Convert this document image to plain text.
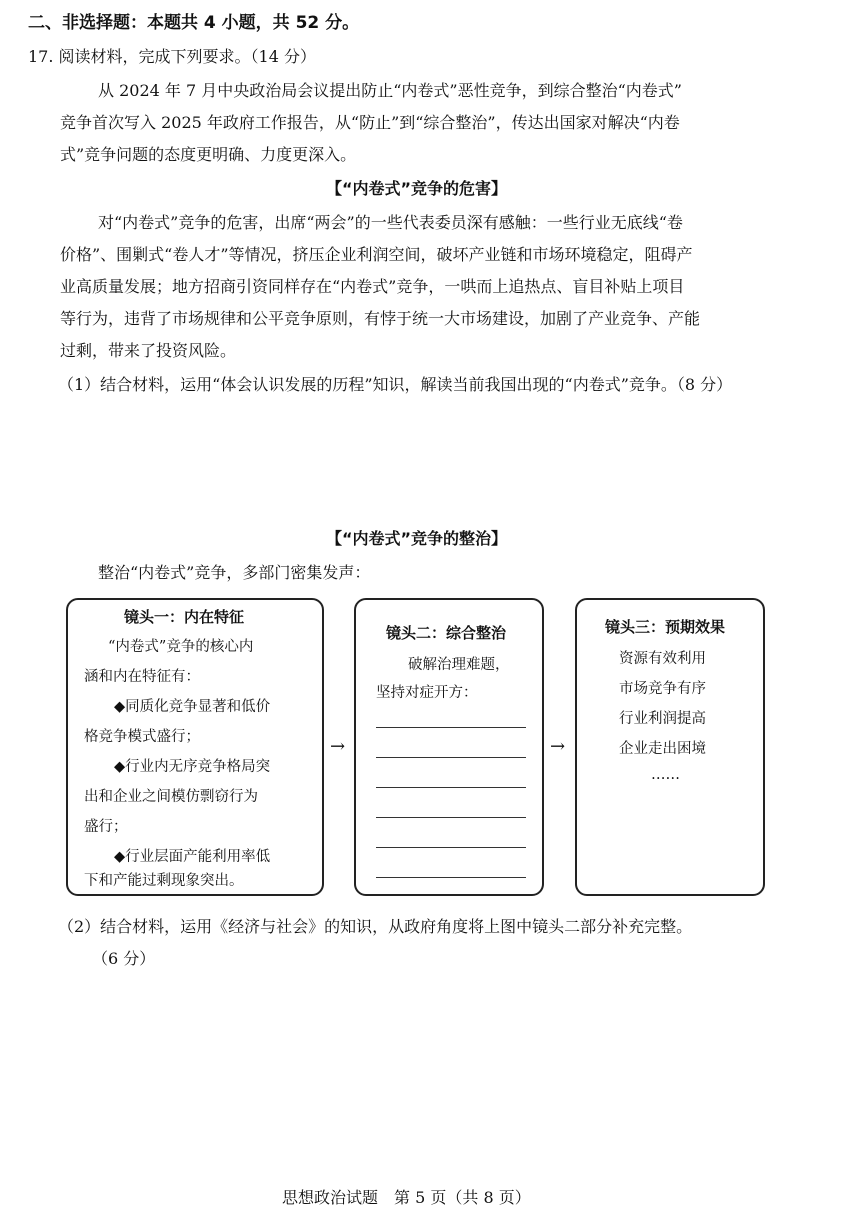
二、非选择题：本题共 4 小题，共 52 分。
17. 阅读材料，完成下列要求。（14 分）
从 2024 年 7 月中央政治局会议提出防止“内卷式”恶性竞争，到综合整治“内卷式”
竞争首次写入 2025 年政府工作报告，从“防止”到“综合整治”，传达出国家对解决“内卷
式”竞争问题的态度更明确、力度更深入。
【“内卷式”竞争的危害】
对“内卷式”竞争的危害，出席“两会”的一些代表委员深有感触：一些行业无底线“卷
价格”、围剿式“卷人才”等情况，挤压企业利润空间，破坏产业链和市场环境稳定，阻碍产
业高质量发展；地方招商引资同样存在“内卷式”竞争，一哄而上追热点、盲目补贴上项目
等行为，违背了市场规律和公平竞争原则，有悖于统一大市场建设，加剧了产业竞争、产能
过剩，带来了投资风险。
（1）结合材料，运用“体会认识发展的历程”知识，解读当前我国出现的“内卷式”竞争。（8 分）
【“内卷式”竞争的整治】
整治“内卷式”竞争，多部门密集发声：
镜头一：内在特征
“内卷式”竞争的核心内
涵和内在特征有：
◆同质化竞争显著和低价
格竞争模式盛行；
◆行业内无序竞争格局突
出和企业之间模仿剽窃行为
盛行；
◆行业层面产能利用率低
下和产能过剩现象突出。
→
镜头二：综合整治
破解治理难题，
坚持对症开方：
→
镜头三：预期效果
资源有效利用
市场竞争有序
行业利润提高
企业走出困境
……
（2）结合材料，运用《经济与社会》的知识，从政府角度将上图中镜头二部分补充完整。
（6 分）
思想政治试题　第 5 页（共 8 页）
